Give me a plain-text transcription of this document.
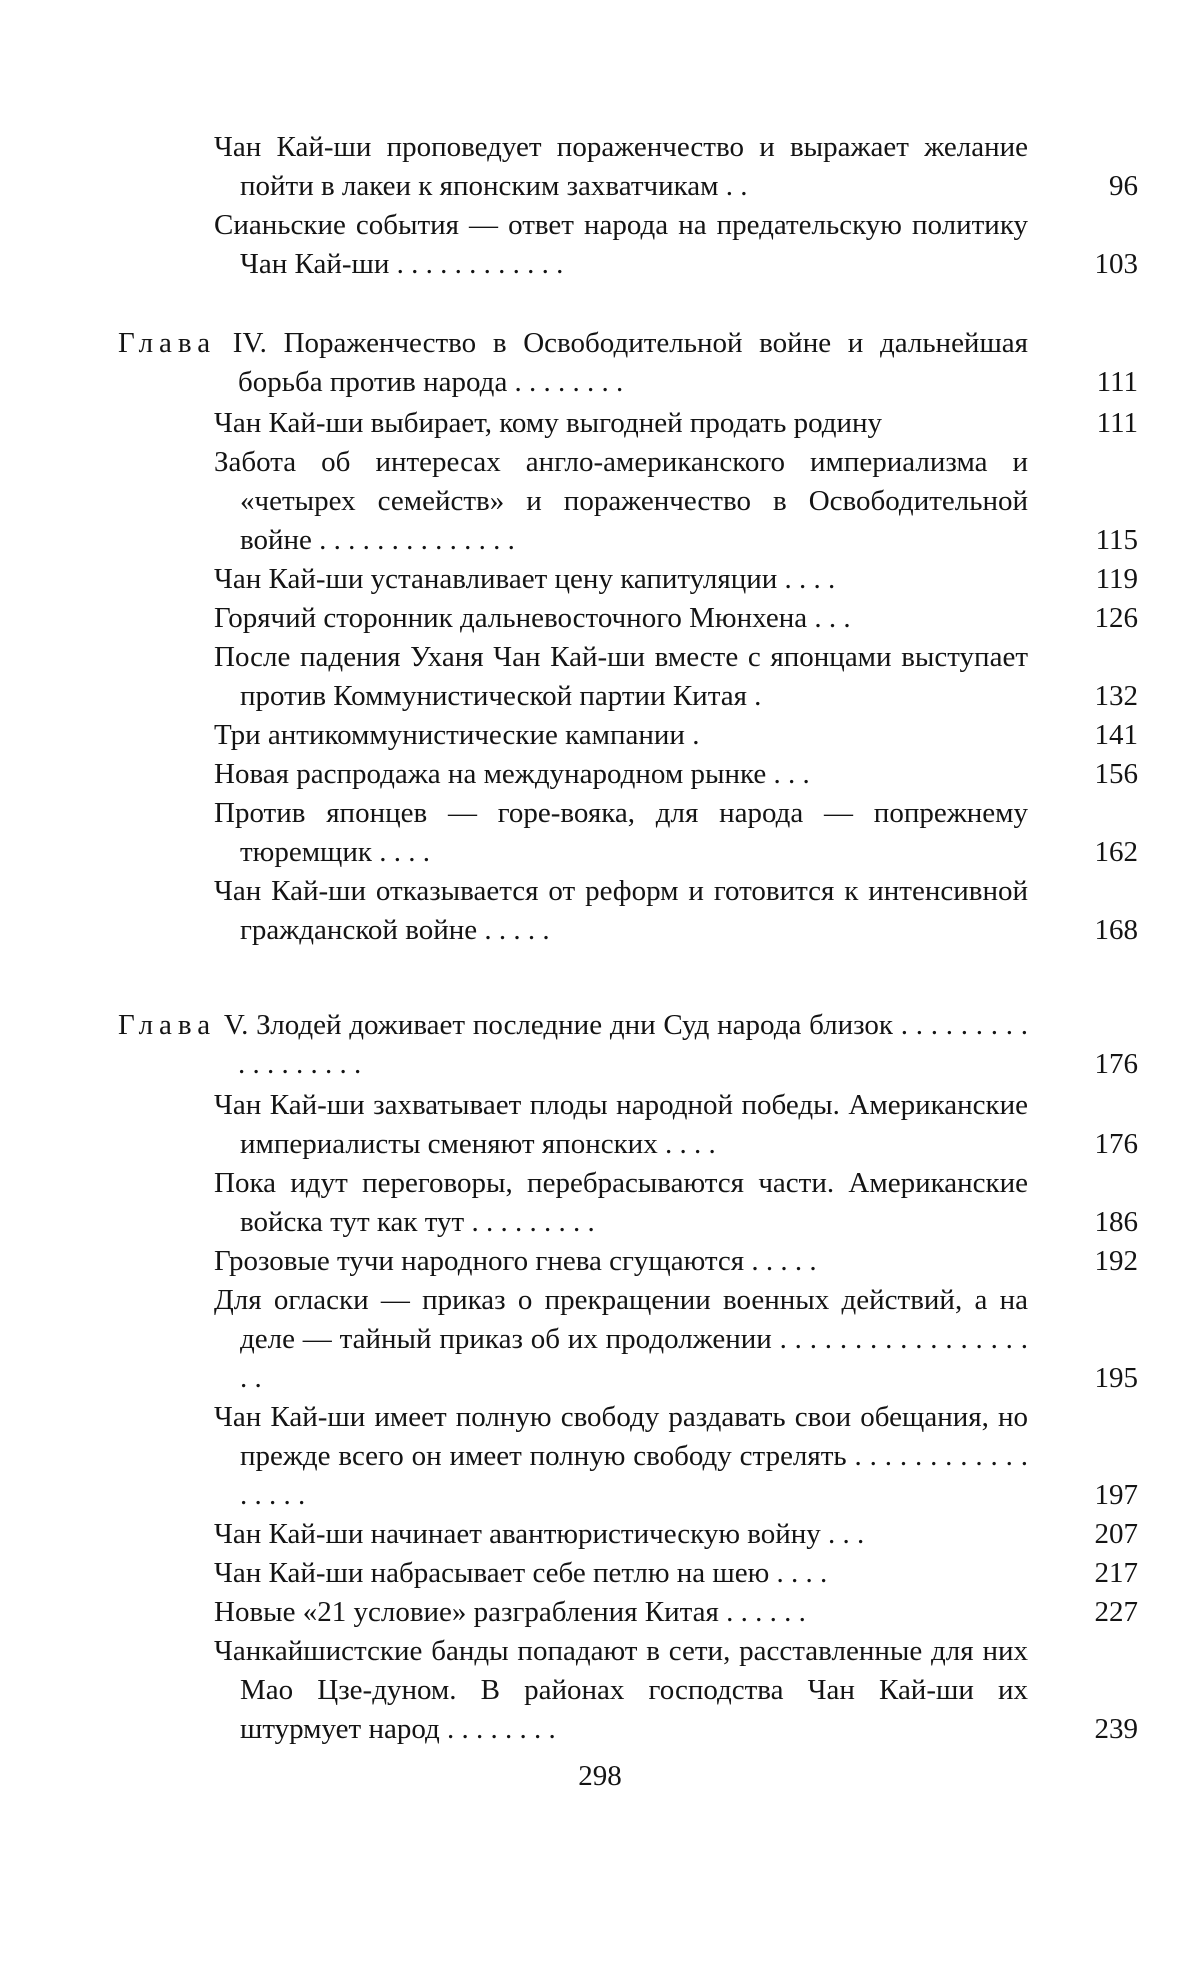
Чан Кай-ши проповедует пораженчество и выражает желание пойти в лакеи к японским захватчикам . .	96
Сианьские события — ответ народа на предательскую политику Чан Кай-ши . . . . . . . . . . . .	103
Глава IV. Пораженчество в Освободительной войне и дальнейшая борьба против народа . . . . . . . .	111
Чан Кай-ши выбирает, кому выгодней продать родину	111
Забота об интересах англо-американского империализма и «четырех семейств» и пораженчество в Освободительной войне . . . . . . . . . . . . . .	115
Чан Кай-ши устанавливает цену капитуляции . . . .	119
Горячий сторонник дальневосточного Мюнхена . . .	126
После падения Уханя Чан Кай-ши вместе с японцами выступает против Коммунистической партии Китая .	132
Три антикоммунистические кампании .	141
Новая распродажа на международном рынке . . .	156
Против японцев — горе-вояка, для народа — попрежнему тюремщик . . . .	162
Чан Кай-ши отказывается от реформ и готовится к интенсивной гражданской войне . . . . .	168
Глава V. Злодей доживает последние дни Суд народа близок . . . . . . . . . . . . . . . . . .	176
Чан Кай-ши захватывает плоды народной победы. Американские империалисты сменяют японских . . . .	176
Пока идут переговоры, перебрасываются части. Американские войска тут как тут . . . . . . . . .	186
Грозовые тучи народного гнева сгущаются . . . . .	192
Для огласки — приказ о прекращении военных действий, а на деле — тайный приказ об их продолжении . . . . . . . . . . . . . . . . . . .	195
Чан Кай-ши имеет полную свободу раздавать свои обещания, но прежде всего он имеет полную свободу стрелять . . . . . . . . . . . . . . . . .	197
Чан Кай-ши начинает авантюристическую войну . . .	207
Чан Кай-ши набрасывает себе петлю на шею . . . .	217
Новые «21 условие» разграбления Китая . . . . . .	227
Чанкайшистские банды попадают в сети, расставленные для них Мао Цзе-дуном. В районах господства Чан Кай-ши их штурмует народ . . . . . . . .	239
298
